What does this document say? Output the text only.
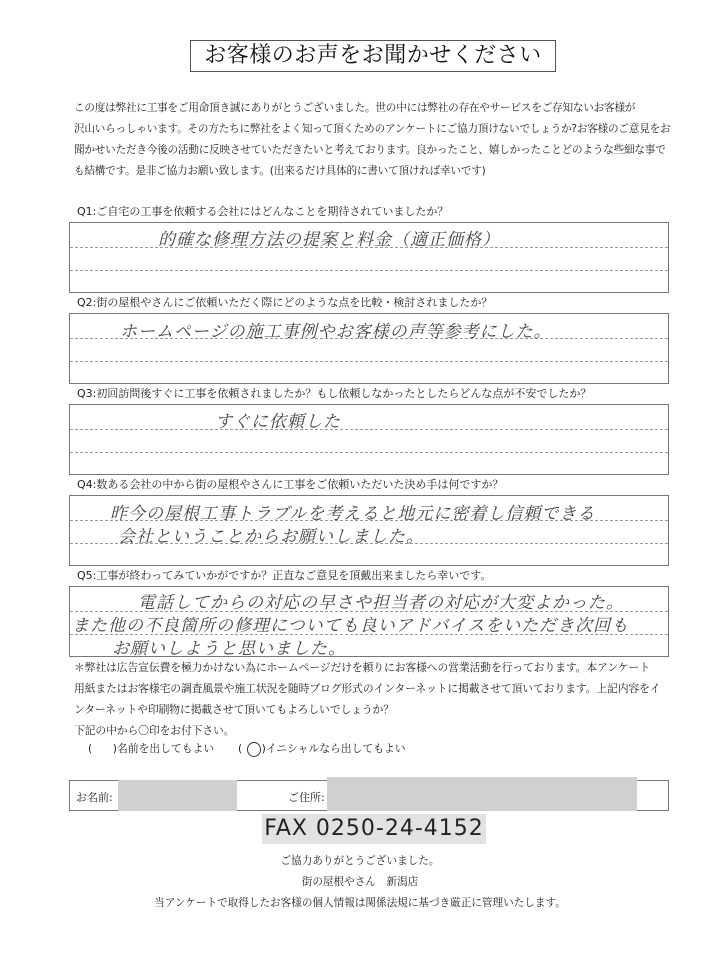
お客様のお声をお聞かせください

この度は弊社に工事をご用命頂き誠にありがとうございました。世の中には弊社の存在やサービスをご存知ないお客様が

沢山いらっしゃいます。その方たちに弊社をよく知って頂くためのアンケートにご協力頂けないでしょうか?お客様のご意見をお

聞かせいただき今後の活動に反映させていただきたいと考えております。良かったこと、嬉しかったことどのような些細な事で

も結構です。是非ご協力お願い致します。(出来るだけ具体的に書いて頂ければ幸いです)

Q1:ご自宅の工事を依頼する会社にはどんなことを期待されていましたか？
的確な修理方法の提案と料金（適正価格）
Q2:街の屋根やさんにご依頼いただく際にどのような点を比較・検討されましたか？
ホームページの施工事例やお客様の声等参考にした。
Q3:初回訪問後すぐに工事を依頼されましたか？もし依頼しなかったとしたらどんな点が不安でしたか？
すぐに依頼した
Q4:数ある会社の中から街の屋根やさんに工事をご依頼いただいた決め手は何ですか？
昨今の屋根工事トラブルを考えると地元に密着し信頼できる
会社ということからお願いしました。
Q5:工事が終わってみていかがですか？正直なご意見を頂戴出来ましたら幸いです。
電話してからの対応の早さや担当者の対応が大変よかった。
また他の不良箇所の修理についても良いアドバイスをいただき次回も
お願いしようと思いました。

＊弊社は広告宣伝費を極力かけない為にホームページだけを頼りにお客様への営業活動を行っております。本アンケート

用紙またはお客様宅の調査風景や施工状況を随時ブログ形式のインターネットに掲載させて頂いております。上記内容をイ

ンターネットや印刷物に掲載させて頂いてもよろしいでしょうか？

下記の中から〇印をお付下さい。

(      )名前を出してもよい ( ○)イニシャルなら出してもよい
お名前:	ご住所:
FAX 0250-24-4152
ご協力ありがとうございました。
街の屋根やさん　新潟店
当アンケートで取得したお客様の個人情報は関係法規に基づき厳正に管理いたします。
